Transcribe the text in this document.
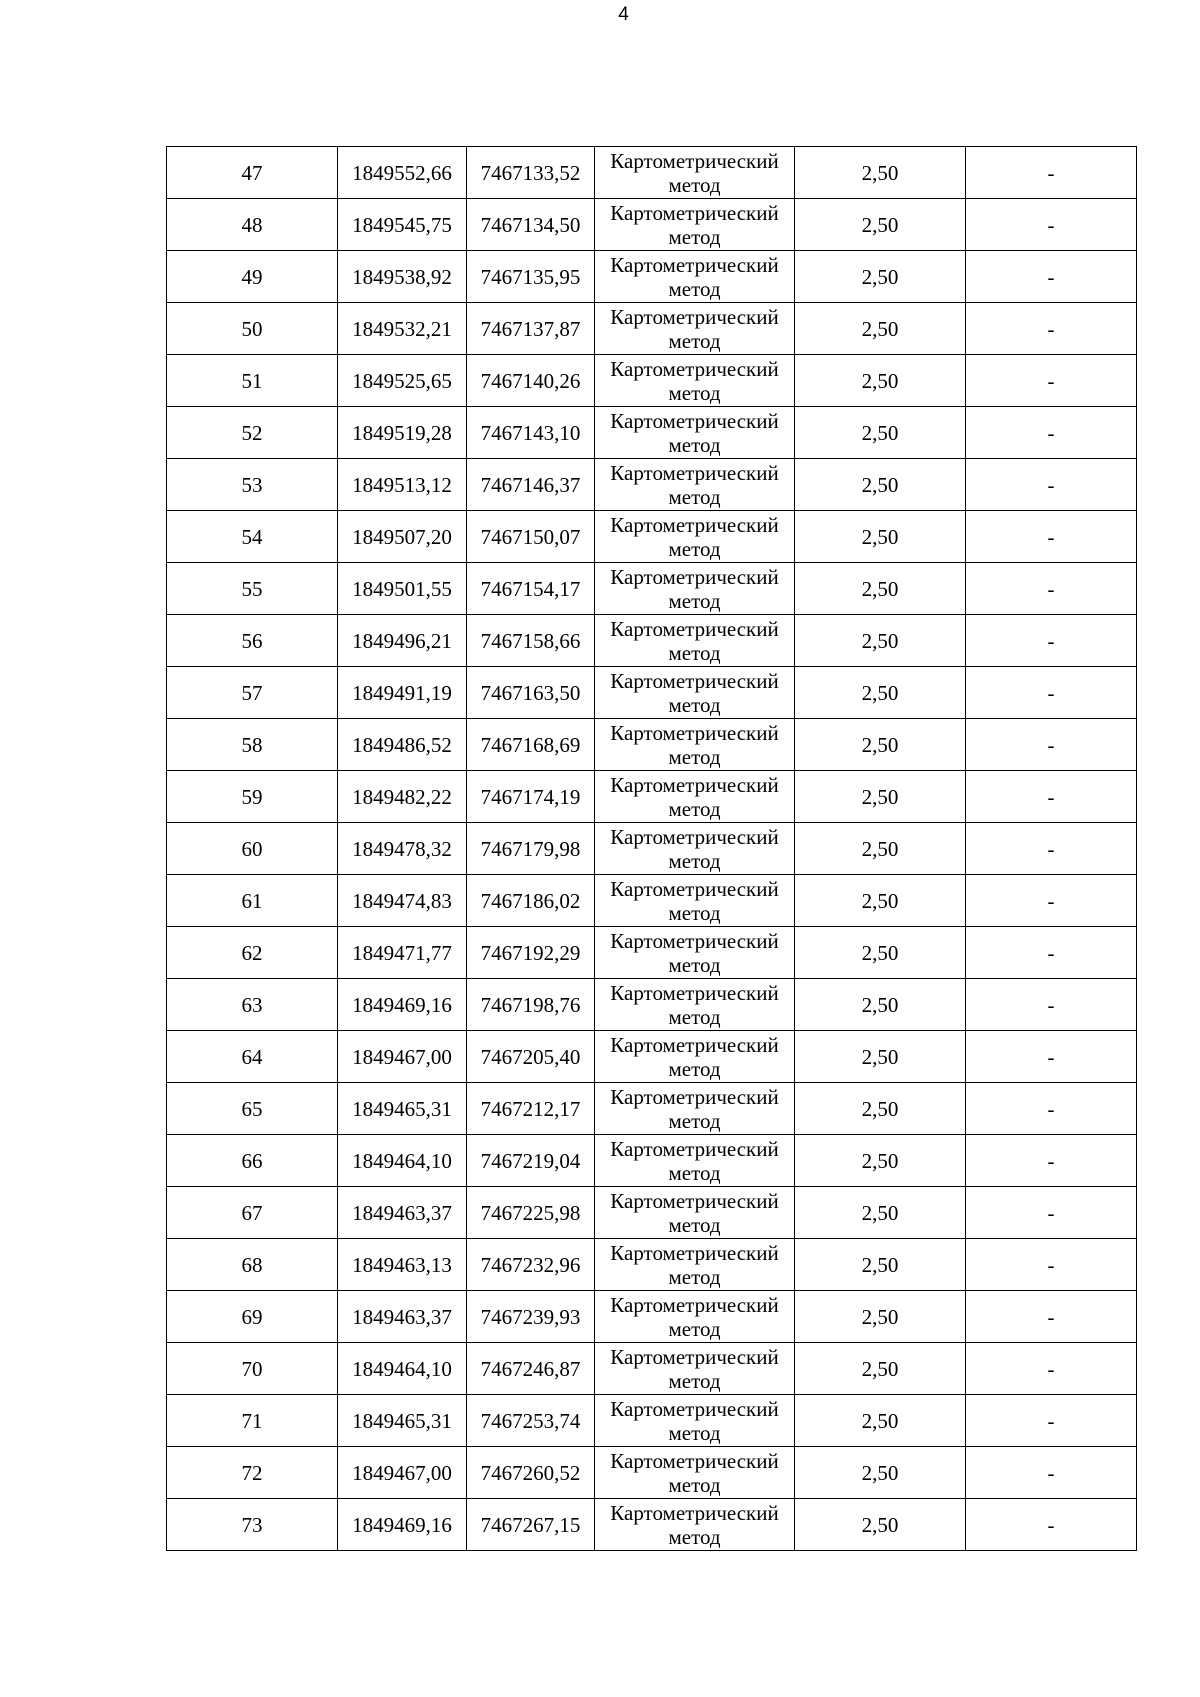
4
47	1849552,66	7467133,52	Картометрический
метод	2,50	-
48	1849545,75	7467134,50	Картометрический
метод	2,50	-
49	1849538,92	7467135,95	Картометрический
метод	2,50	-
50	1849532,21	7467137,87	Картометрический
метод	2,50	-
51	1849525,65	7467140,26	Картометрический
метод	2,50	-
52	1849519,28	7467143,10	Картометрический
метод	2,50	-
53	1849513,12	7467146,37	Картометрический
метод	2,50	-
54	1849507,20	7467150,07	Картометрический
метод	2,50	-
55	1849501,55	7467154,17	Картометрический
метод	2,50	-
56	1849496,21	7467158,66	Картометрический
метод	2,50	-
57	1849491,19	7467163,50	Картометрический
метод	2,50	-
58	1849486,52	7467168,69	Картометрический
метод	2,50	-
59	1849482,22	7467174,19	Картометрический
метод	2,50	-
60	1849478,32	7467179,98	Картометрический
метод	2,50	-
61	1849474,83	7467186,02	Картометрический
метод	2,50	-
62	1849471,77	7467192,29	Картометрический
метод	2,50	-
63	1849469,16	7467198,76	Картометрический
метод	2,50	-
64	1849467,00	7467205,40	Картометрический
метод	2,50	-
65	1849465,31	7467212,17	Картометрический
метод	2,50	-
66	1849464,10	7467219,04	Картометрический
метод	2,50	-
67	1849463,37	7467225,98	Картометрический
метод	2,50	-
68	1849463,13	7467232,96	Картометрический
метод	2,50	-
69	1849463,37	7467239,93	Картометрический
метод	2,50	-
70	1849464,10	7467246,87	Картометрический
метод	2,50	-
71	1849465,31	7467253,74	Картометрический
метод	2,50	-
72	1849467,00	7467260,52	Картометрический
метод	2,50	-
73	1849469,16	7467267,15	Картометрический
метод	2,50	-
